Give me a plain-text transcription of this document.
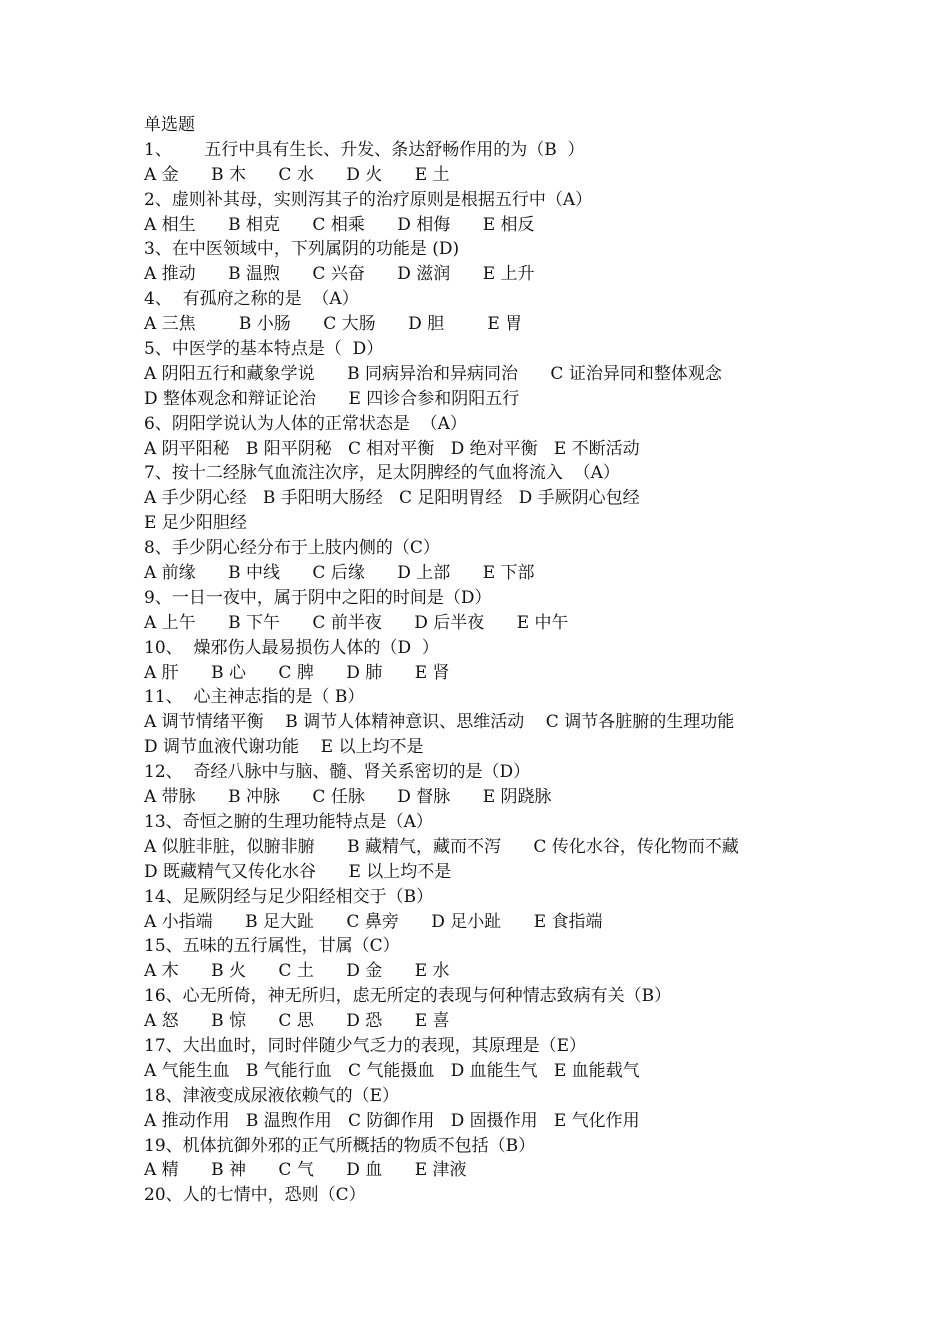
单选题
1、      五行中具有生长、升发、条达舒畅作用的为（B  ）
A 金      B 木      C 水      D 火      E 土
2、虚则补其母，实则泻其子的治疗原则是根据五行中（A）
A 相生      B 相克      C 相乘      D 相侮      E 相反
3、在中医领域中，下列属阴的功能是 (D)
A 推动      B 温煦      C 兴奋      D 滋润      E 上升
4、  有孤府之称的是  （A）
A 三焦        B 小肠      C 大肠      D 胆        E 胃
5、中医学的基本特点是（  D）
A 阴阳五行和藏象学说      B 同病异治和异病同治      C 证治异同和整体观念
D 整体观念和辩证论治      E 四诊合参和阴阳五行
6、阴阳学说认为人体的正常状态是  （A）
A 阴平阳秘   B 阳平阴秘   C 相对平衡   D 绝对平衡   E 不断活动
7、按十二经脉气血流注次序，足太阴脾经的气血将流入  （A）
A 手少阴心经   B 手阳明大肠经   C 足阳明胃经   D 手厥阴心包经
E 足少阳胆经
8、手少阴心经分布于上肢内侧的（C）
A 前缘      B 中线      C 后缘      D 上部      E 下部
9、一日一夜中，属于阴中之阳的时间是（D）
A 上午      B 下午      C 前半夜      D 后半夜      E 中午
10、  燥邪伤人最易损伤人体的（D  ）
A 肝      B 心      C 脾      D 肺      E 肾
11、  心主神志指的是（ B）
A 调节情绪平衡    B 调节人体精神意识、思维活动    C 调节各脏腑的生理功能
D 调节血液代谢功能    E 以上均不是
12、  奇经八脉中与脑、髓、肾关系密切的是（D）
A 带脉      B 冲脉      C 任脉      D 督脉      E 阴跷脉
13、奇恒之腑的生理功能特点是（A）
A 似脏非脏，似腑非腑      B 藏精气，藏而不泻      C 传化水谷，传化物而不藏
D 既藏精气又传化水谷      E 以上均不是
14、足厥阴经与足少阳经相交于（B）
A 小指端      B 足大趾      C 鼻旁      D 足小趾      E 食指端
15、五味的五行属性，甘属（C）
A 木      B 火      C 土      D 金      E 水
16、心无所倚，神无所归，虑无所定的表现与何种情志致病有关（B）
A 怒      B 惊      C 思      D 恐      E 喜
17、大出血时，同时伴随少气乏力的表现，其原理是（E）
A 气能生血   B 气能行血   C 气能摄血   D 血能生气   E 血能载气
18、津液变成尿液依赖气的（E）
A 推动作用   B 温煦作用   C 防御作用   D 固摄作用   E 气化作用
19、机体抗御外邪的正气所概括的物质不包括（B）
A 精      B 神      C 气      D 血      E 津液
20、人的七情中，恐则（C）
